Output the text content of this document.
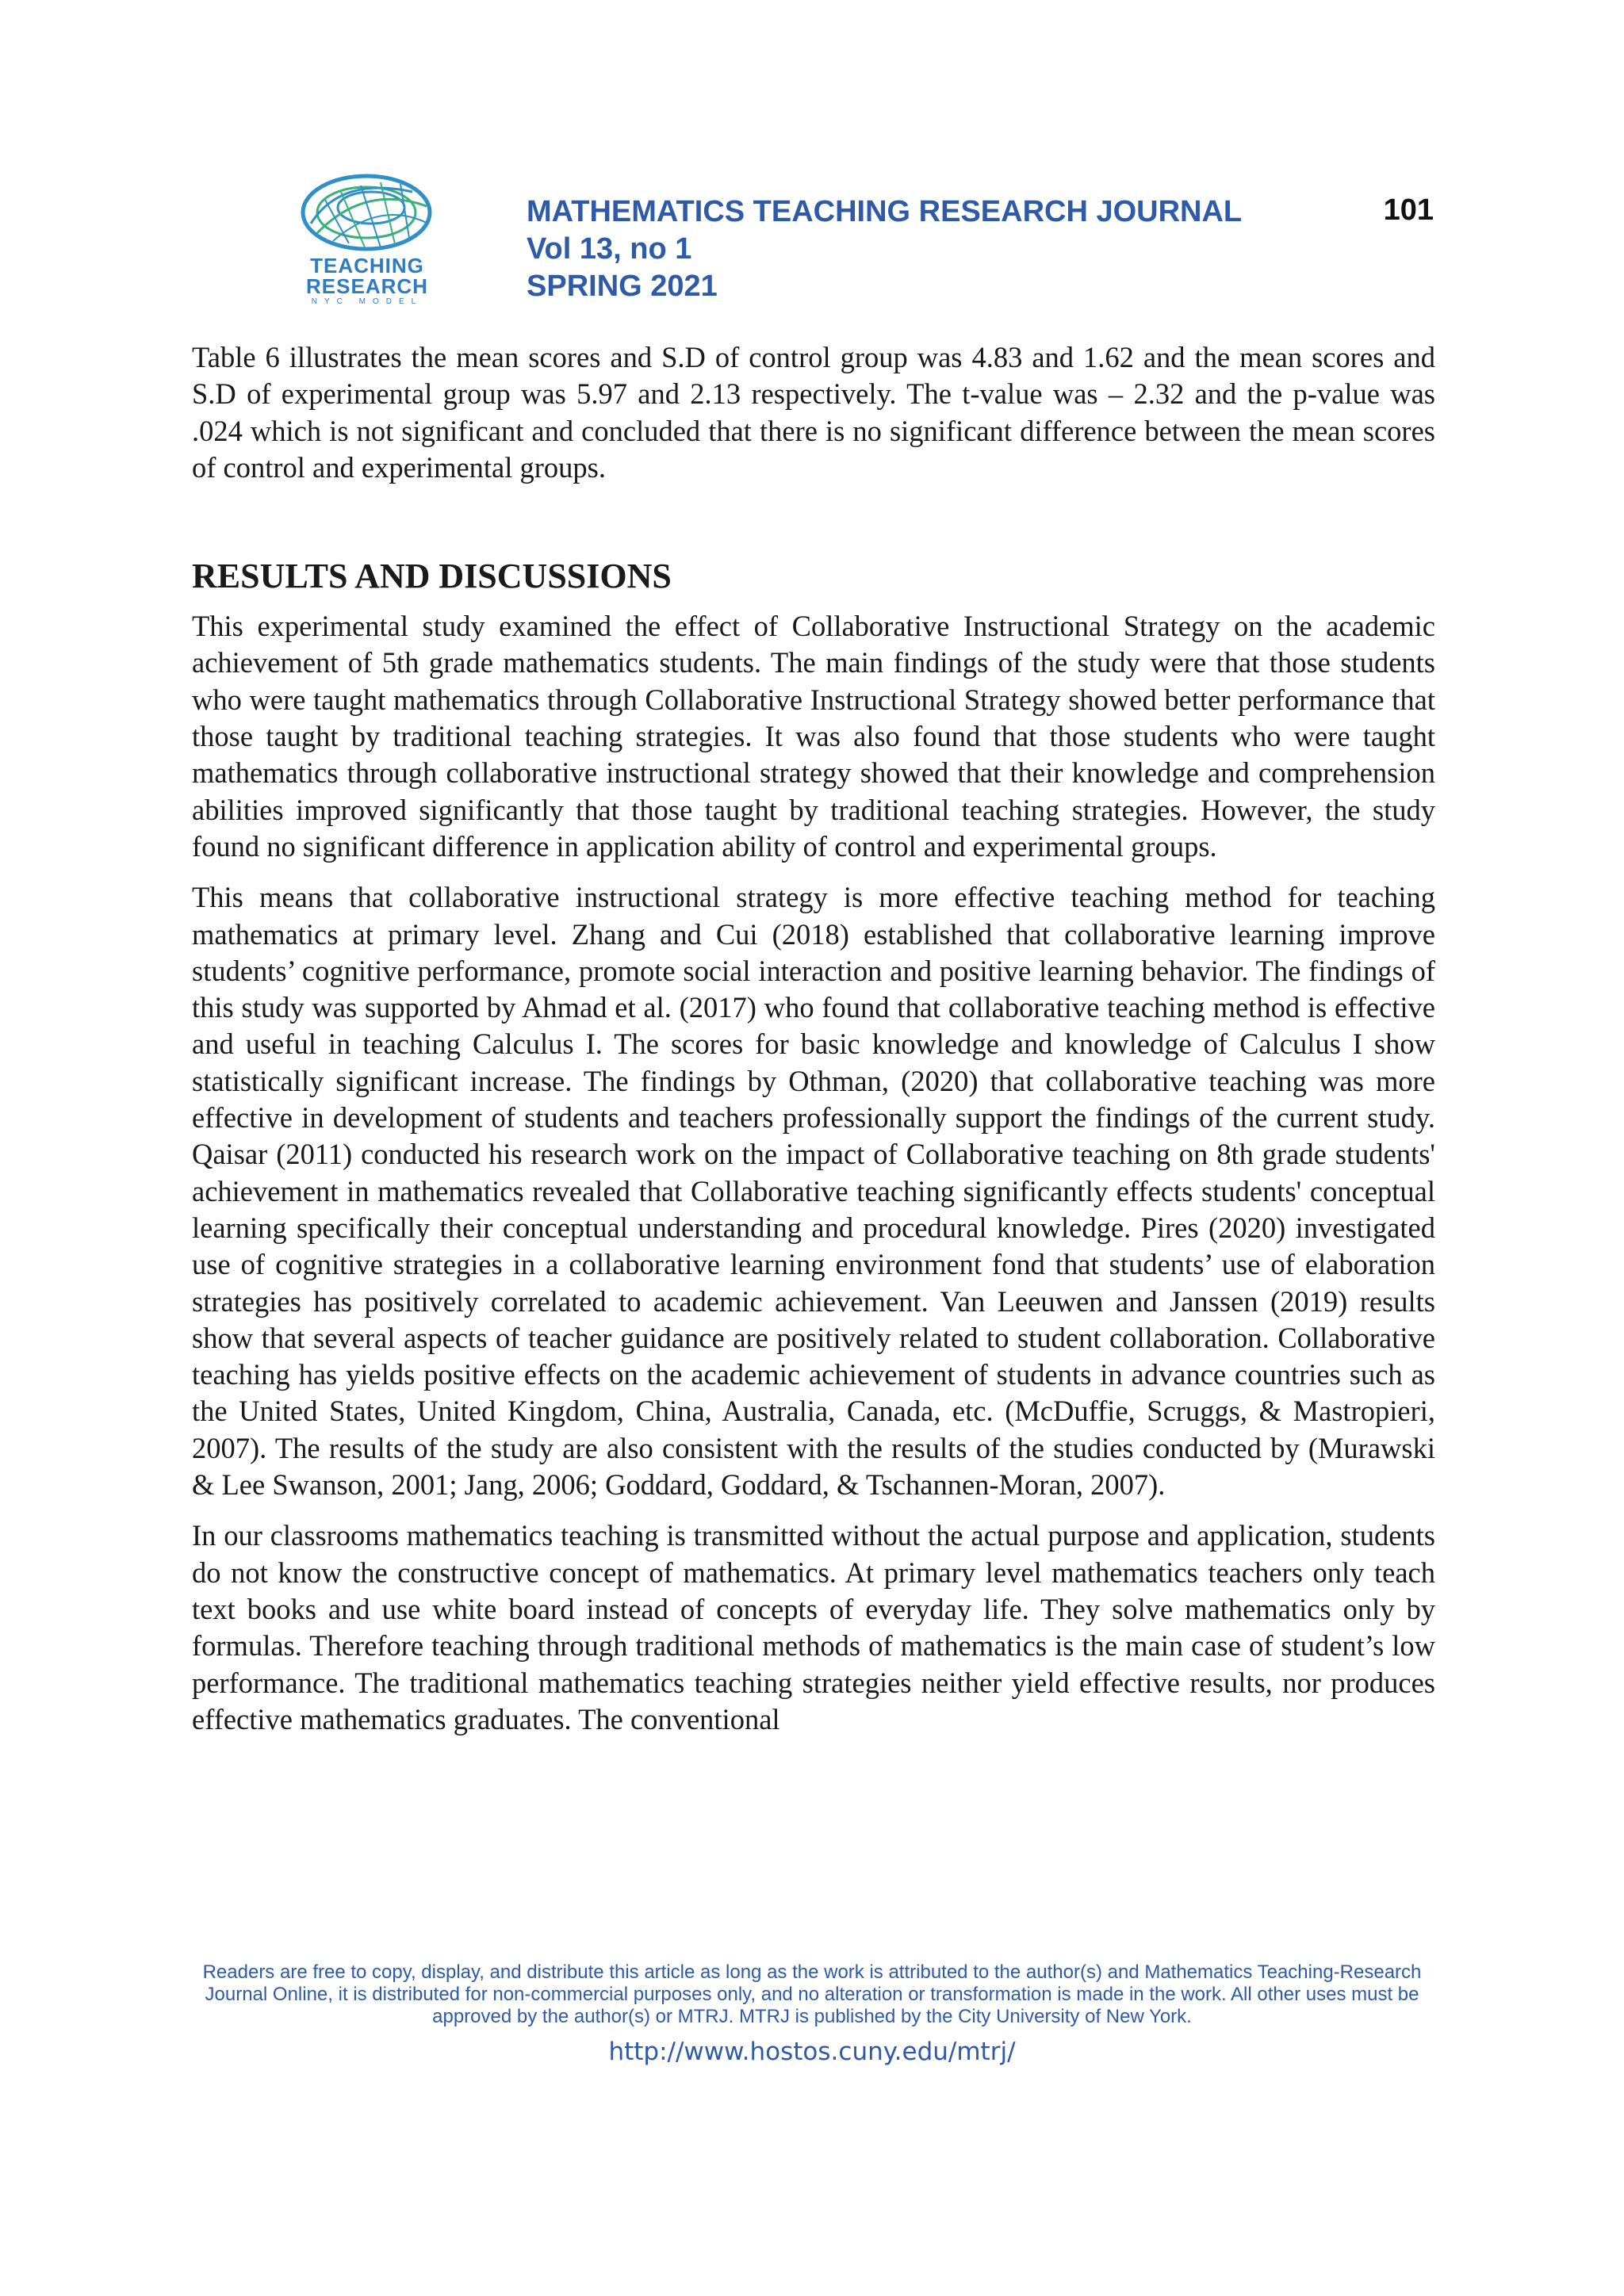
TEACHING
RESEARCH
NYC MODEL
MATHEMATICS TEACHING RESEARCH JOURNAL
Vol 13, no 1
SPRING 2021
101

Table 6 illustrates the mean scores and S.D of control group was 4.83 and 1.62 and the mean scores and S.D of experimental group was 5.97 and 2.13 respectively. The t-value was – 2.32 and the p-value was .024 which is not significant and concluded that there is no significant difference between the mean scores of control and experimental groups.

RESULTS AND DISCUSSIONS

This experimental study examined the effect of Collaborative Instructional Strategy on the academic achievement of 5th grade mathematics students. The main findings of the study were that those students who were taught mathematics through Collaborative Instructional Strategy showed better performance that those taught by traditional teaching strategies. It was also found that those students who were taught mathematics through collaborative instructional strategy showed that their knowledge and comprehension abilities improved significantly that those taught by traditional teaching strategies. However, the study found no significant difference in application ability of control and experimental groups.

This means that collaborative instructional strategy is more effective teaching method for teaching mathematics at primary level. Zhang and Cui (2018) established that collaborative learning improve students’ cognitive performance, promote social interaction and positive learning behavior. The findings of this study was supported by Ahmad et al. (2017) who found that collaborative teaching method is effective and useful in teaching Calculus I. The scores for basic knowledge and knowledge of Calculus I show statistically significant increase. The findings by Othman, (2020) that collaborative teaching was more effective in development of students and teachers professionally support the findings of the current study. Qaisar (2011) conducted his research work on the impact of Collaborative teaching on 8th grade students' achievement in mathematics revealed that Collaborative teaching significantly effects students' conceptual learning specifically their conceptual understanding and procedural knowledge. Pires (2020) investigated use of cognitive strategies in a collaborative learning environment fond that students’ use of elaboration strategies has positively correlated to academic achievement. Van Leeuwen and Janssen (2019) results show that several aspects of teacher guidance are positively related to student collaboration. Collaborative teaching has yields positive effects on the academic achievement of students in advance countries such as the United States, United Kingdom, China, Australia, Canada, etc. (McDuffie, Scruggs, & Mastropieri, 2007). The results of the study are also consistent with the results of the studies conducted by (Murawski & Lee Swanson, 2001; Jang, 2006; Goddard, Goddard, & Tschannen-Moran, 2007).

In our classrooms mathematics teaching is transmitted without the actual purpose and application, students do not know the constructive concept of mathematics. At primary level mathematics teachers only teach text books and use white board instead of concepts of everyday life. They solve mathematics only by formulas. Therefore teaching through traditional methods of mathematics is the main case of student’s low performance. The traditional mathematics teaching strategies neither yield effective results, nor produces effective mathematics graduates. The conventional

Readers are free to copy, display, and distribute this article as long as the work is attributed to the author(s) and Mathematics Teaching-Research Journal Online, it is distributed for non-commercial purposes only, and no alteration or transformation is made in the work. All other uses must be approved by the author(s) or MTRJ. MTRJ is published by the City University of New York.
http://www.hostos.cuny.edu/mtrj/
